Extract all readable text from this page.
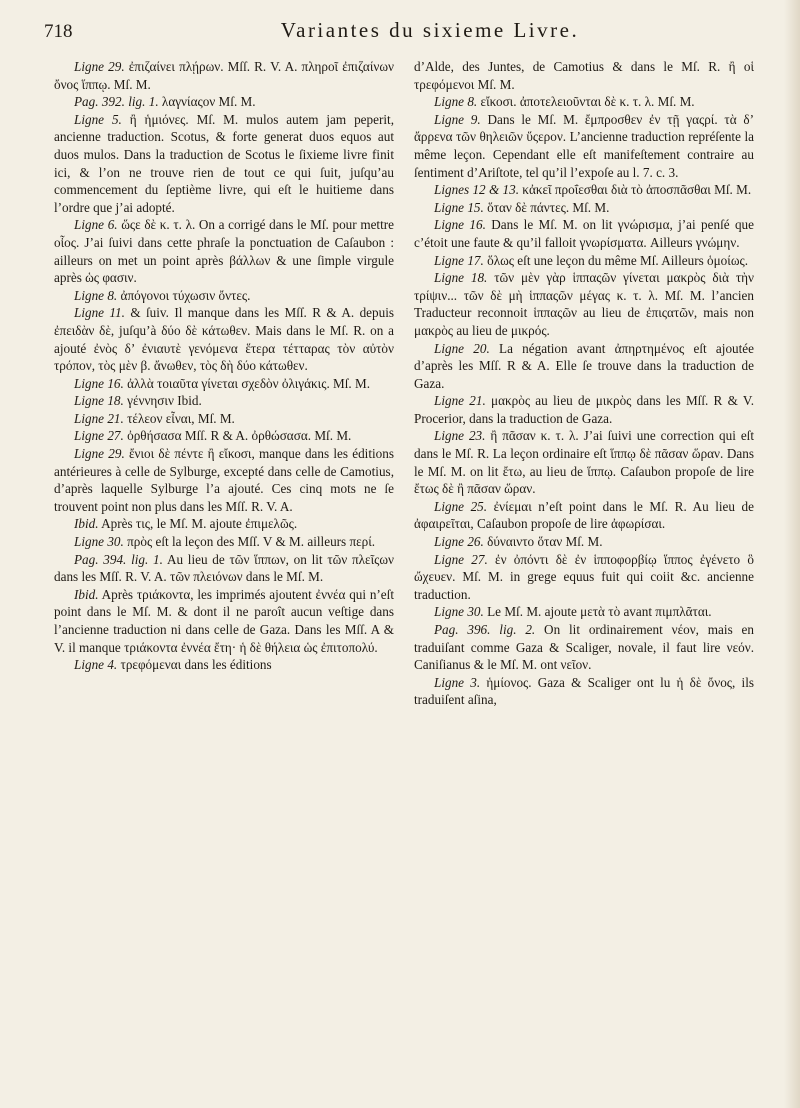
718	Variantes du sixieme Livre.

Ligne 29. ἐπιζαίνει πλῄρων. Mſſ. R. V. A. πληροῖ ἐπιζαίνων ὄνος ἵππῳ. Mſ. M.

Pag. 392. lig. 1. λαγνίαςον Mſ. M.

Ligne 5. ἢ ἡμιόνες. Mſ. M. mulos autem jam peperit, ancienne traduction. Scotus, & forte generat duos equos aut duos mulos. Dans la traduction de Scotus le ſixieme livre finit ici, & l’on ne trouve rien de tout ce qui ſuit, juſqu’au commencement du ſeptième livre, qui eſt le huitieme dans l’ordre que j’ai adopté.

Ligne 6. ὥςε δὲ κ. τ. λ. On a corrigé dans le Mſ. pour mettre οἷος. J’ai ſuivi dans cette phraſe la ponctuation de Caſaubon : ailleurs on met un point après βάλλων & une ſimple virgule après ὡς φασιν.

Ligne 8. ἀπόγονοι τύχωσιν ὄντες.

Ligne 11. & ſuiv. Il manque dans les Mſſ. R & A. depuis ἐπειδὰν δὲ, juſqu’à δύο δὲ κάτωθεν. Mais dans le Mſ. R. on a ajouté ἐνὸς δ’ ἐνιαυτὲ γενόμενα ἕτερα τέτταρας τὸν αὐτὸν τρόπον, τὸς μὲν β. ἄνωθεν, τὸς δὴ δύο κάτωθεν.

Ligne 16. ἀλλὰ τοιαῦτα γίνεται σχεδὸν ὀλιγάκις. Mſ. M.

Ligne 18. γέννησιν Ibid.

Ligne 21. τέλεον εἶναι, Mſ. M.

Ligne 27. ὀρθήσασα Mſſ. R & A. ὀρθώσασα. Mſ. M.

Ligne 29. ἔνιοι δὲ πέντε ἢ εἴκοσι, manque dans les éditions antérieures à celle de Sylburge, excepté dans celle de Camotius, d’après laquelle Sylburge l’a ajouté. Ces cinq mots ne ſe trouvent point non plus dans les Mſſ. R. V. A.

Ibid. Après τις, le Mſ. M. ajoute ἐπιμελῶς.

Ligne 30. πρὸς eſt la leçon des Mſſ. V & M. ailleurs περί.

Pag. 394. lig. 1. Au lieu de τῶν ἵππων, on lit τῶν πλεῖςων dans les Mſſ. R. V. A. τῶν πλειόνων dans le Mſ. M.

Ibid. Après τριάκοντα, les imprimés ajoutent ἐννέα qui n’eſt point dans le Mſ. M. & dont il ne paroît aucun veſtige dans l’ancienne traduction ni dans celle de Gaza. Dans les Mſſ. A & V. il manque τριάκοντα ἐννέα ἔτη· ἡ δὲ θήλεια ὡς ἐπιτοπολύ.

Ligne 4. τρεφόμεναι dans les éditions

d’Alde, des Juntes, de Camotius & dans le Mſ. R. ἢ οἱ τρεφόμενοι Mſ. M.

Ligne 8. εἴκοσι. ἀποτελειοῦνται δὲ κ. τ. λ. Mſ. M.

Ligne 9. Dans le Mſ. M. ἔμπροσθεν ἐν τῇ γαςρί. τὰ δ’ ἄρρενα τῶν θηλειῶν ὕςερον. L’ancienne traduction repréſente la même leçon. Cependant elle eſt manifeſtement contraire au ſentiment d’Ariſtote, tel qu’il l’expoſe au l. 7. c. 3.

Lignes 12 & 13. κἀκεῖ προΐεσθαι διὰ τὸ ἀποσπᾶσθαι Mſ. M.

Ligne 15. ὅταν δὲ πάντες. Mſ. M.

Ligne 16. Dans le Mſ. M. on lit γνώρισμα, j’ai penſé que c’étoit une faute & qu’il falloit γνωρίσματα. Ailleurs γνώμην.

Ligne 17. ὅλως eſt une leçon du même Mſ. Ailleurs ὁμοίως.

Ligne 18. τῶν μὲν γὰρ ἱππαςῶν γίνεται μακρὸς διὰ τὴν τρίψιν... τῶν δὲ μὴ ἱππαςῶν μέγας κ. τ. λ. Mſ. M. l’ancien Traducteur reconnoit ἱππαςῶν au lieu de ἐπιςατῶν, mais non μακρὸς au lieu de μικρός.

Ligne 20. La négation avant ἀπηρτημένος eſt ajoutée d’après les Mſſ. R & A. Elle ſe trouve dans la traduction de Gaza.

Ligne 21. μακρὸς au lieu de μικρὸς dans les Mſſ. R & V. Procerior, dans la traduction de Gaza.

Ligne 23. ἢ πᾶσαν κ. τ. λ. J’ai ſuivi une correction qui eſt dans le Mſ. R. La leçon ordinaire eſt ἵππῳ δὲ πᾶσαν ὥραν. Dans le Mſ. M. on lit ἔτω, au lieu de ἵππῳ. Caſaubon propoſe de lire ἔτως δὲ ἢ πᾶσαν ὥραν.

Ligne 25. ἐνίεμαι n’eſt point dans le Mſ. R. Au lieu de ἀφαιρεῖται, Caſaubon propoſe de lire ἀφωρίσαι.

Ligne 26. δύναιντο ὅταν Mſ. M.

Ligne 27. ἐν ὀπόντι δὲ ἐν ἱπποφορβίῳ ἵππος ἐγένετο ὃ ὤχευεν. Mſ. M. in grege equus fuit qui coiit &c. ancienne traduction.

Ligne 30. Le Mſ. M. ajoute μετὰ τὸ avant πιμπλᾶται.

Pag. 396. lig. 2. On lit ordinairement νέον, mais en traduiſant comme Gaza & Scaliger, novale, il faut lire νεόν. Caniſianus & le Mſ. M. ont νεῖον.

Ligne 3. ἡμίονος. Gaza & Scaliger ont lu ἡ δὲ ὄνος, ils traduiſent aſina,
